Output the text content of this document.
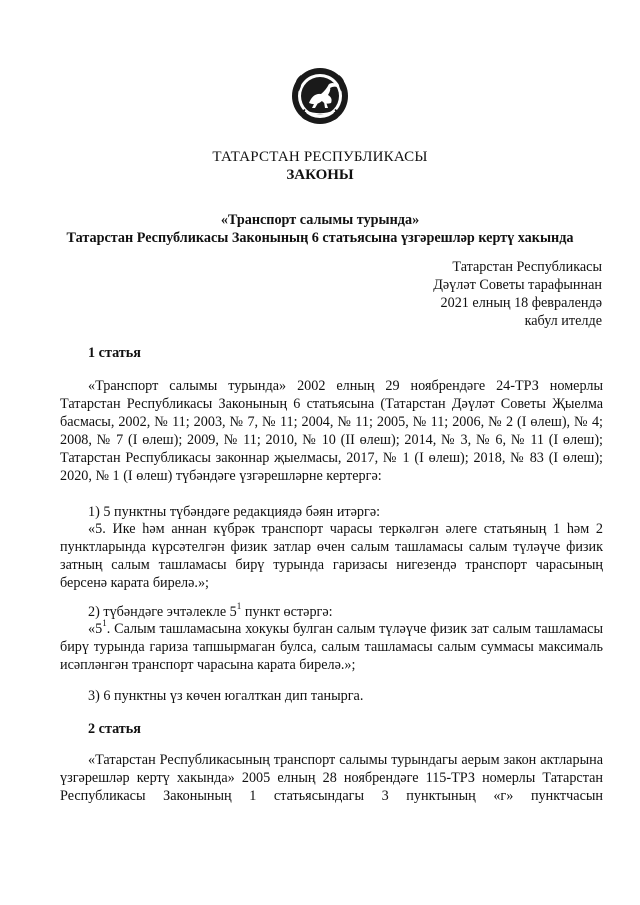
ТАТАРСТАН РЕСПУБЛИКАСЫ
ЗАКОНЫ
«Транспорт салымы турында»
Татарстан Республикасы Законының 6 статьясына үзгәрешләр кертү хакында
Татарстан Республикасы
Дәүләт Советы тарафыннан
2021 елның 18 февралендә
кабул ителде
1 статья
«Транспорт салымы турында» 2002 елның 29 ноябрендәге 24-ТРЗ номерлы Татарстан Республикасы Законының 6 статьясына (Татарстан Дәүләт Советы Җыелма басмасы, 2002, № 11; 2003, № 7, № 11; 2004, № 11; 2005, № 11; 2006, № 2 (I өлеш), № 4; 2008, № 7 (I өлеш); 2009, № 11; 2010, № 10 (II өлеш); 2014, № 3, № 6, № 11 (I өлеш); Татарстан Республикасы законнар җыелмасы, 2017, № 1 (I өлеш); 2018, № 83 (I өлеш); 2020, № 1 (I өлеш) түбәндәге үзгәрешләрне кертергә:
1) 5 пунктны түбәндәге редакциядә бәян итәргә:
«5. Ике һәм аннан күбрәк транспорт чарасы теркәлгән әлеге статьяның 1 һәм 2 пунктларында күрсәтелгән физик затлар өчен салым ташламасы салым түләүче физик затның салым ташламасы бирү турында гаризасы нигезендә транспорт чарасының берсенә карата бирелә.»;
2) түбәндәге эчтәлекле $5^1$ пункт өстәргә:
«$5^1$. Салым ташламасына хокукы булган салым түләүче физик зат салым ташламасы бирү турында гариза тапшырмаган булса, салым ташламасы салым суммасы максималь исәпләнгән транспорт чарасына карата бирелә.»;
3) 6 пунктны үз көчен югалткан дип танырга.
2 статья
«Татарстан Республикасының транспорт салымы турындагы аерым закон актларына үзгәрешләр кертү хакында» 2005 елның 28 ноябрендәге 115-ТРЗ номерлы Татарстан Республикасы Законының 1 статьясындагы 3 пунктының «г» пунктчасын
